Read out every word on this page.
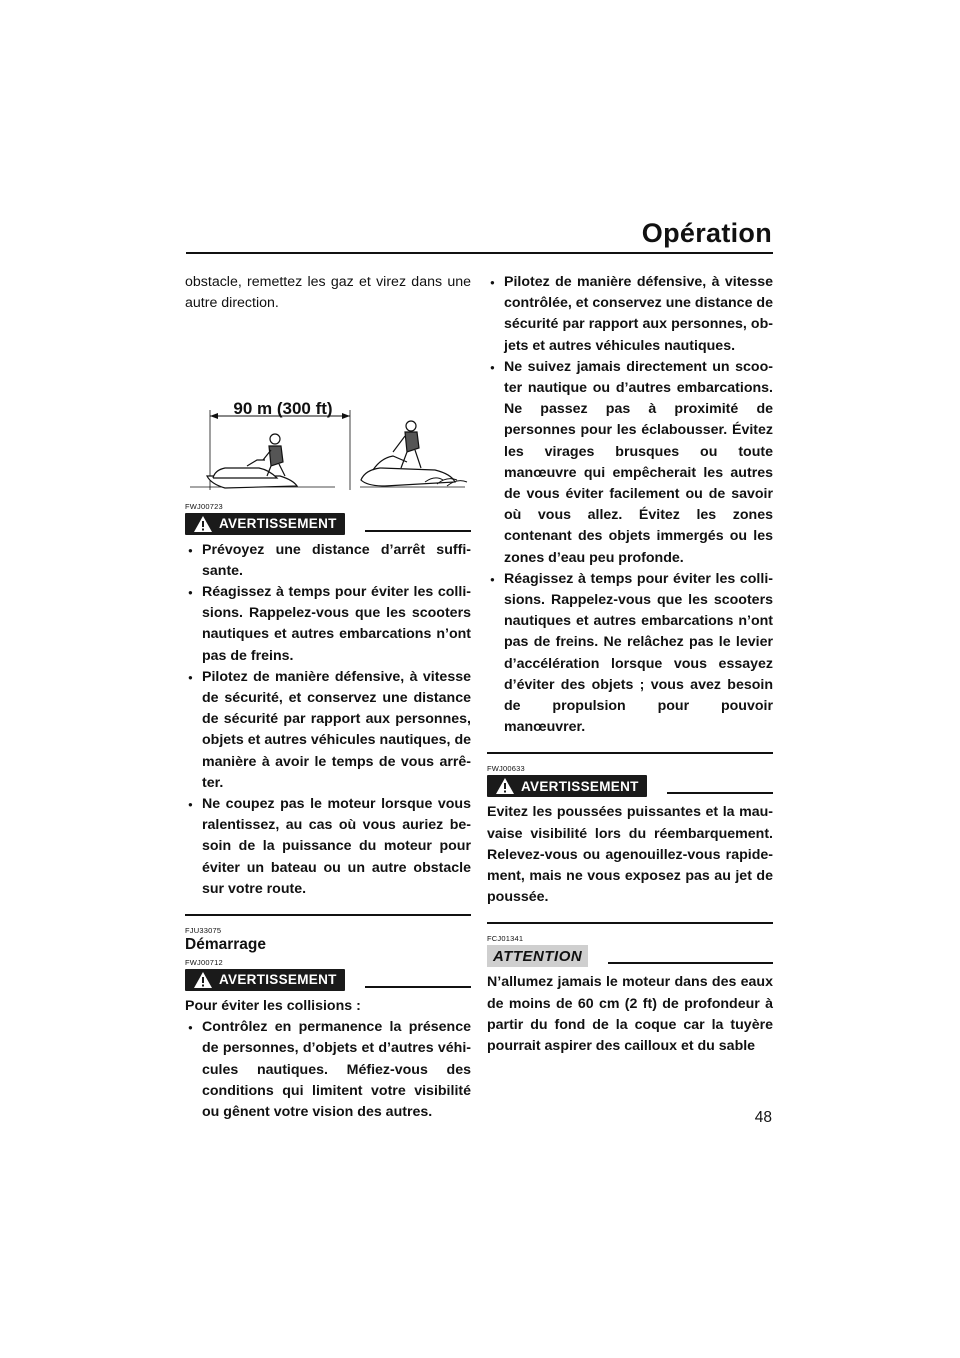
Opération

obstacle, remettez les gaz et virez dans une autre direction.

90 m (300 ft)
FWJ00723
AVERTISSEMENT
● Prévoyez une distance d’arrêt suffisante.
● Réagissez à temps pour éviter les collisions. Rappelez-vous que les scooters nautiques et autres embarcations n’ont pas de freins.
● Pilotez de manière défensive, à vitesse de sécurité, et conservez une distance de sécurité par rapport aux personnes, objets et autres véhicules nautiques, de manière à avoir le temps de vous arrêter.
● Ne coupez pas le moteur lorsque vous ralentissez, au cas où vous auriez besoin de la puissance du moteur pour éviter un bateau ou un autre obstacle sur votre route.
FJU33075
Démarrage
FWJ00712
AVERTISSEMENT

Pour éviter les collisions :

● Contrôlez en permanence la présence de personnes, d’objets et d’autres véhicules nautiques. Méfiez-vous des conditions qui limitent votre visibilité ou gênent votre vision des autres.
● Pilotez de manière défensive, à vitesse contrôlée, et conservez une distance de sécurité par rapport aux personnes, objets et autres véhicules nautiques.
● Ne suivez jamais directement un scooter nautique ou d’autres embarcations. Ne passez pas à proximité de personnes pour les éclabousser. Évitez les virages brusques ou toute manœuvre qui empêcherait les autres de vous éviter facilement ou de savoir où vous allez. Évitez les zones contenant des objets immergés ou les zones d’eau peu profonde.
● Réagissez à temps pour éviter les collisions. Rappelez-vous que les scooters nautiques et autres embarcations n’ont pas de freins. Ne relâchez pas le levier d’accélération lorsque vous essayez d’éviter des objets ; vous avez besoin de propulsion pour pouvoir manœuvrer.
FWJ00633
AVERTISSEMENT

Evitez les poussées puissantes et la mauvaise visibilité lors du réembarquement. Relevez-vous ou agenouillez-vous rapidement, mais ne vous exposez pas au jet de poussée.

FCJ01341
ATTENTION

N’allumez jamais le moteur dans des eaux de moins de 60 cm (2 ft) de profondeur à partir du fond de la coque car la tuyère pourrait aspirer des cailloux et du sable

48
